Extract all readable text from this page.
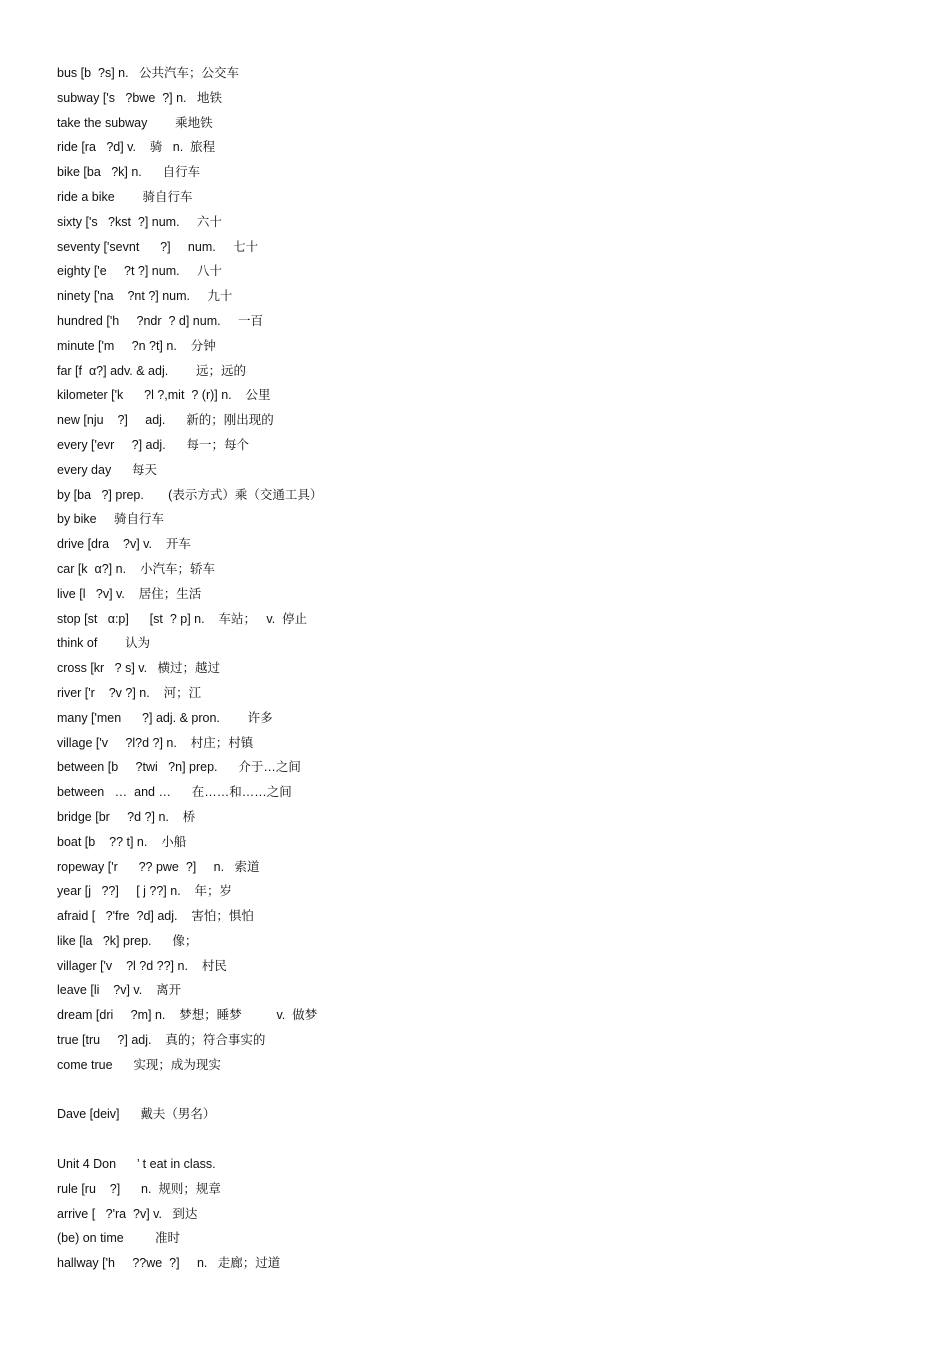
bus [b  ?s] n.   公共汽车；公交车
subway ['s   ?bwe  ?] n.   地铁
take the subway        乘地铁
ride [ra   ?d] v.    骑   n.  旅程
bike [ba   ?k] n.      自行车
ride a bike        骑自行车
sixty ['s   ?kst  ?] num.     六十
seventy ['sevnt      ?]     num.     七十
eighty ['e     ?t ?] num.     八十
ninety ['na    ?nt ?] num.     九十
hundred ['h     ?ndr  ? d] num.     一百
minute ['m     ?n ?t] n.    分钟
far [f  α?] adv. & adj.        远；远的
kilometer ['k      ?l ?,mit  ? (r)] n.    公里
new [nju    ?]     adj.      新的；刚出现的
every ['evr     ?] adj.      每一；每个
every day      每天
by [ba   ?] prep.       (表示方式）乘（交通工具）
by bike     骑自行车
drive [dra    ?v] v.    开车
car [k  α?] n.    小汽车；轿车
live [l   ?v] v.    居住；生活
stop [st   α:p]      [st  ? p] n.    车站；   v.  停止
think of        认为
cross [kr   ? s] v.   横过；越过
river ['r    ?v ?] n.    河；江
many ['men      ?] adj. & pron.        许多
village ['v     ?l?d ?] n.    村庄；村镇
between [b     ?twi   ?n] prep.      介于…之间
between   …  and …      在……和……之间
bridge [br     ?d ?] n.    桥
boat [b    ?? t] n.    小船
ropeway ['r      ?? pwe  ?]     n.   索道
year [j   ??]     [ j ??] n.    年；岁
afraid [   ?'fre  ?d] adj.    害怕；惧怕
like [la   ?k] prep.      像；
villager ['v    ?l ?d ??] n.    村民
leave [li    ?v] v.    离开
dream [dri     ?m] n.    梦想；睡梦          v.  做梦
true [tru     ?] adj.    真的；符合事实的
come true      实现；成为现实
Dave [deiv]      戴夫（男名）
Unit 4 Don      ’ t eat in class.
rule [ru    ?]      n.  规则；规章
arrive [   ?'ra  ?v] v.   到达
(be) on time         准时
hallway ['h     ??we  ?]     n.   走廊；过道
